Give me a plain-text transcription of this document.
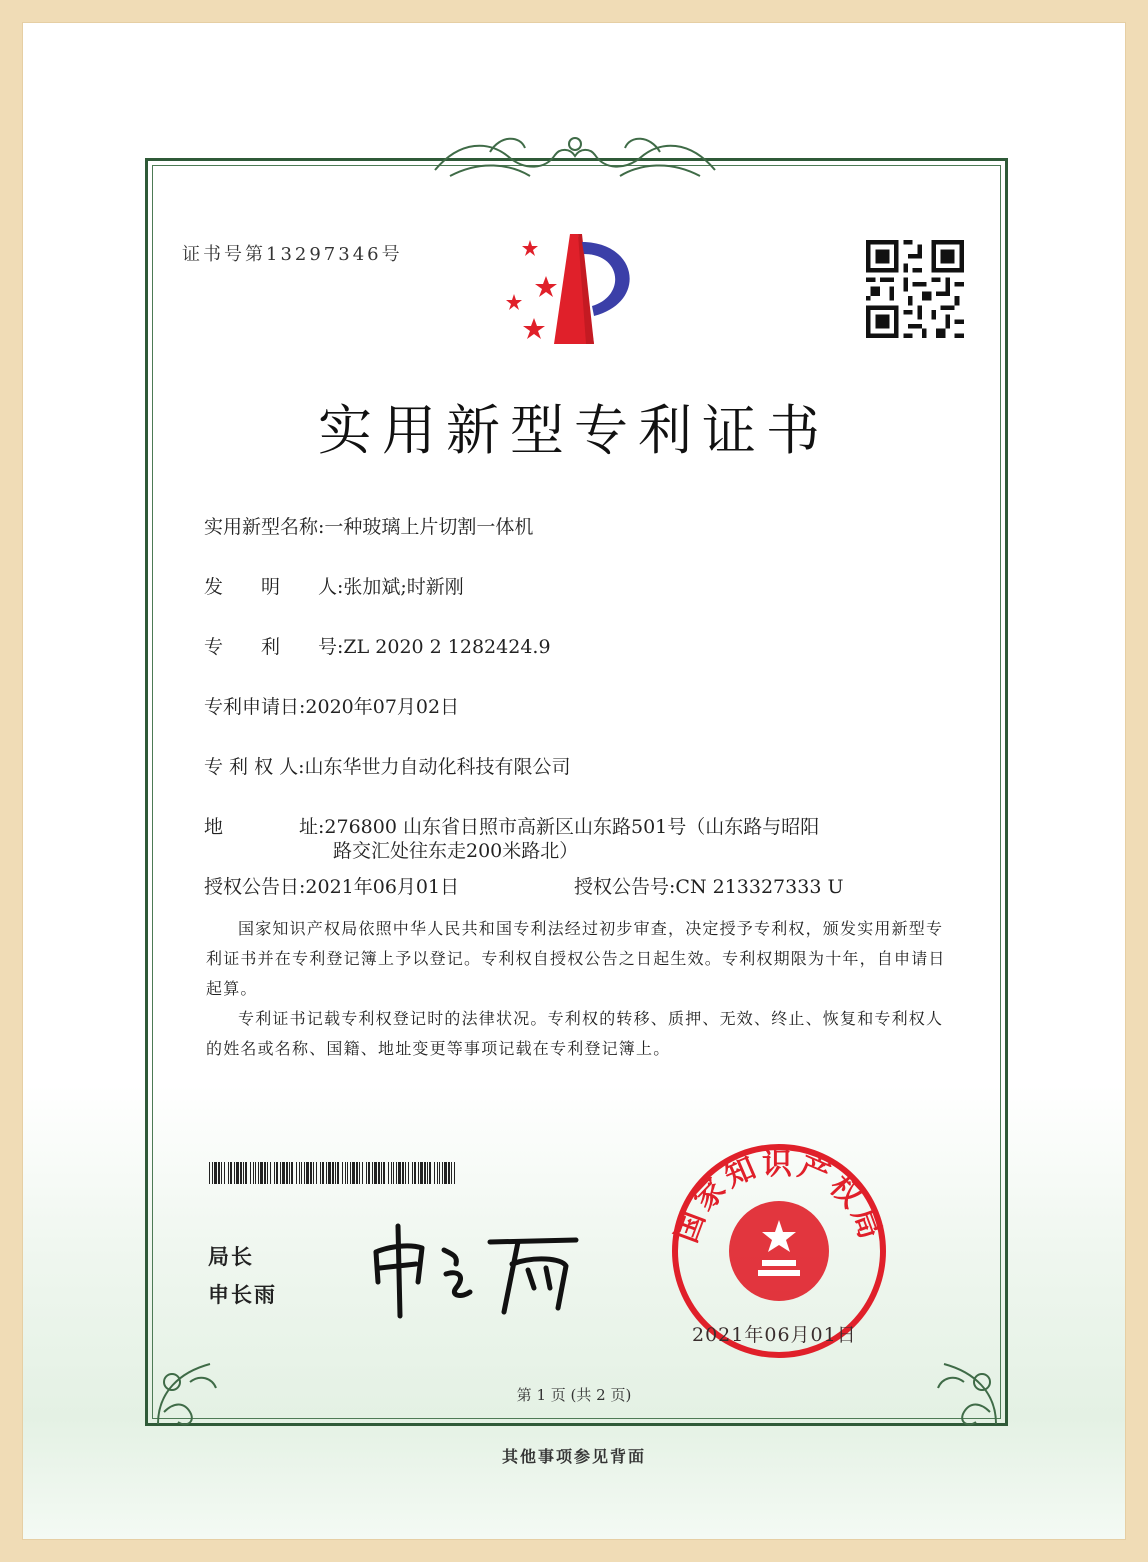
证书号第13297346号
实用新型专利证书
实用新型名称:一种玻璃上片切割一体机
发　　明　　人:张加斌;时新刚
专　　利　　号:ZL 2020 2 1282424.9
专利申请日:2020年07月02日
专 利 权 人:山东华世力自动化科技有限公司
地　　　　址:276800 山东省日照市高新区山东路501号（山东路与昭阳
路交汇处往东走200米路北）
授权公告日:2021年06月01日	授权公告号:CN 213327333 U
国家知识产权局依照中华人民共和国专利法经过初步审查，决定授予专利权，颁发实用新型专利证书并在专利登记簿上予以登记。专利权自授权公告之日起生效。专利权期限为十年，自申请日起算。
专利证书记载专利权登记时的法律状况。专利权的转移、质押、无效、终止、恢复和专利权人的姓名或名称、国籍、地址变更等事项记载在专利登记簿上。
局长
申长雨
国家知识产权局
2021年06月01日
第 1 页 (共 2 页)
其他事项参见背面
